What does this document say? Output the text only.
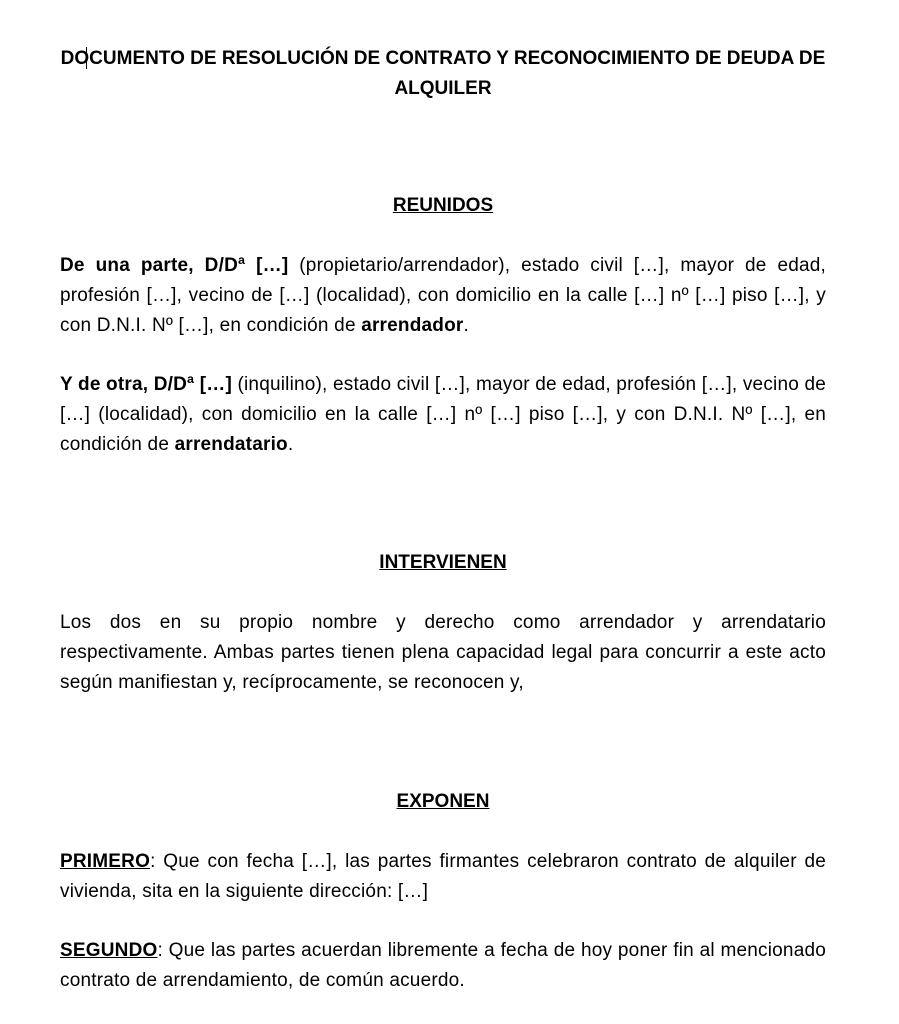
DOCUMENTO DE RESOLUCIÓN DE CONTRATO Y RECONOCIMIENTO DE DEUDA DE ALQUILER
REUNIDOS
De una parte, D/Dª […] (propietario/arrendador), estado civil […], mayor de edad, profesión […], vecino de […] (localidad), con domicilio en la calle […] nº […] piso […], y con D.N.I. Nº […], en condición de arrendador.
Y de otra, D/Dª […] (inquilino), estado civil […], mayor de edad, profesión […], vecino de […] (localidad), con domicilio en la calle […] nº […] piso […], y con D.N.I. Nº […], en condición de arrendatario.
INTERVIENEN
Los dos en su propio nombre y derecho como arrendador y arrendatario respectivamente. Ambas partes tienen plena capacidad legal para concurrir a este acto según manifiestan y, recíprocamente, se reconocen y,
EXPONEN
PRIMERO: Que con fecha […], las partes firmantes celebraron contrato de alquiler de vivienda, sita en la siguiente dirección: […]
SEGUNDO: Que las partes acuerdan libremente a fecha de hoy poner fin al mencionado contrato de arrendamiento, de común acuerdo.
